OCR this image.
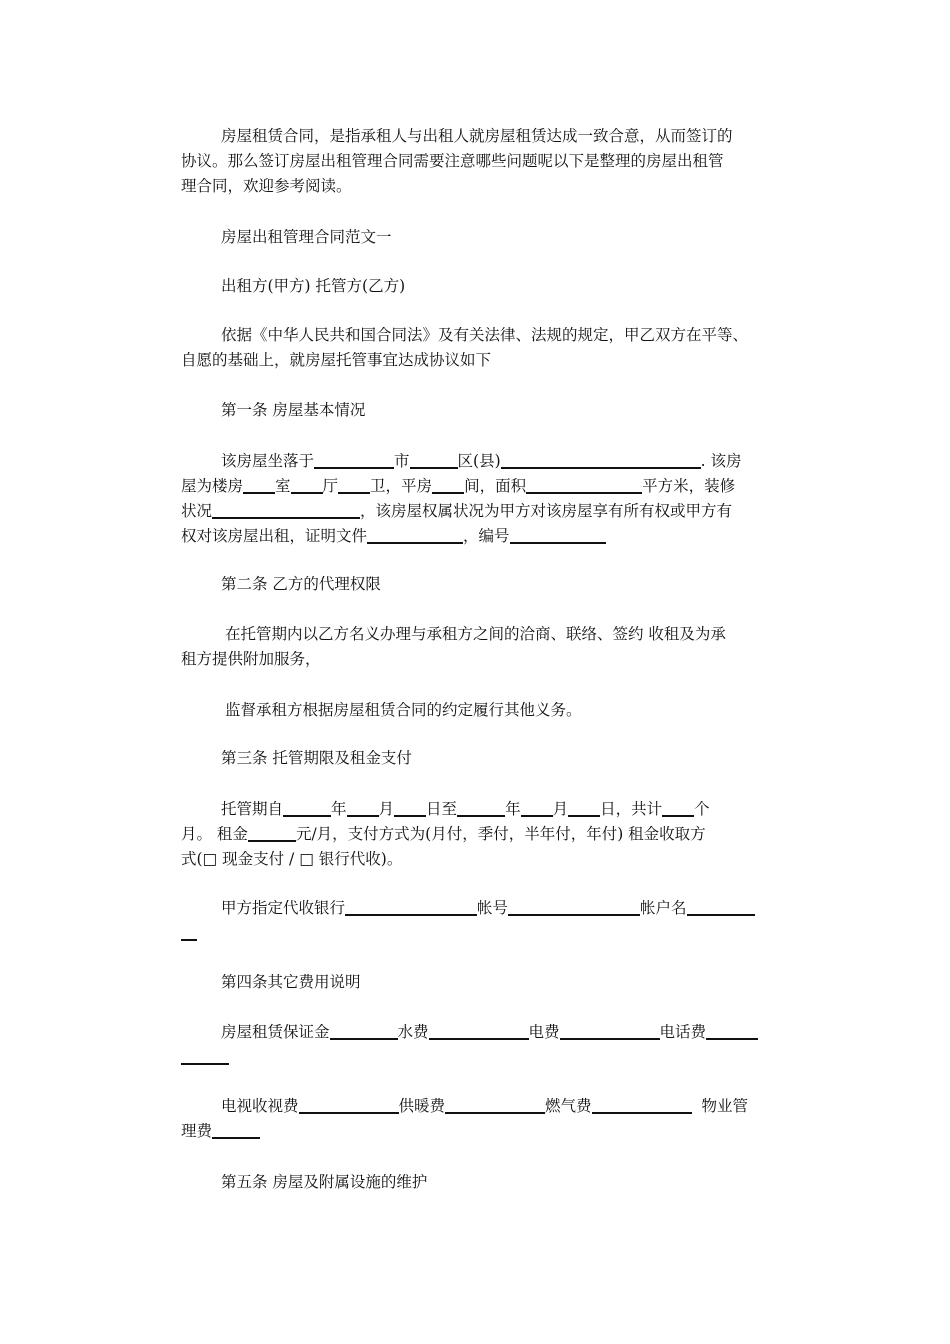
房屋租赁合同，是指承租人与出租人就房屋租赁达成一致合意，从而签订的
协议。那么签订房屋出租管理合同需要注意哪些问题呢以下是整理的房屋出租管
理合同，欢迎参考阅读。

房屋出租管理合同范文一

出租方(甲方) 托管方(乙方)

依据《中华人民共和国合同法》及有关法律、法规的规定，甲乙双方在平等、
自愿的基础上，就房屋托管事宜达成协议如下

第一条 房屋基本情况

该房屋坐落于	市	区(县)	. 该房
屋为楼房 室 厅 卫，平房 间，面积	平方米，装修
状况	，该房屋权属状况为甲方对该房屋享有所有权或甲方有
权对该房屋出租，证明文件	，编号

第二条 乙方的代理权限

在托管期内以乙方名义办理与承租方之间的洽商、联络、签约 收租及为承
租方提供附加服务，

监督承租方根据房屋租赁合同的约定履行其他义务。

第三条 托管期限及租金支付

托管期自	年 月 日至	年 月 日，共计 个
月。 租金	元/月，支付方式为(月付，季付，半年付，年付) 租金收取方
式(□ 现金支付 / □ 银行代收)。

甲方指定代收银行	帐号	帐户名

第四条其它费用说明

房屋租赁保证金	水费	电费	电话费

电视收视费	供暖费	燃气费	物业管
理费

第五条 房屋及附属设施的维护
